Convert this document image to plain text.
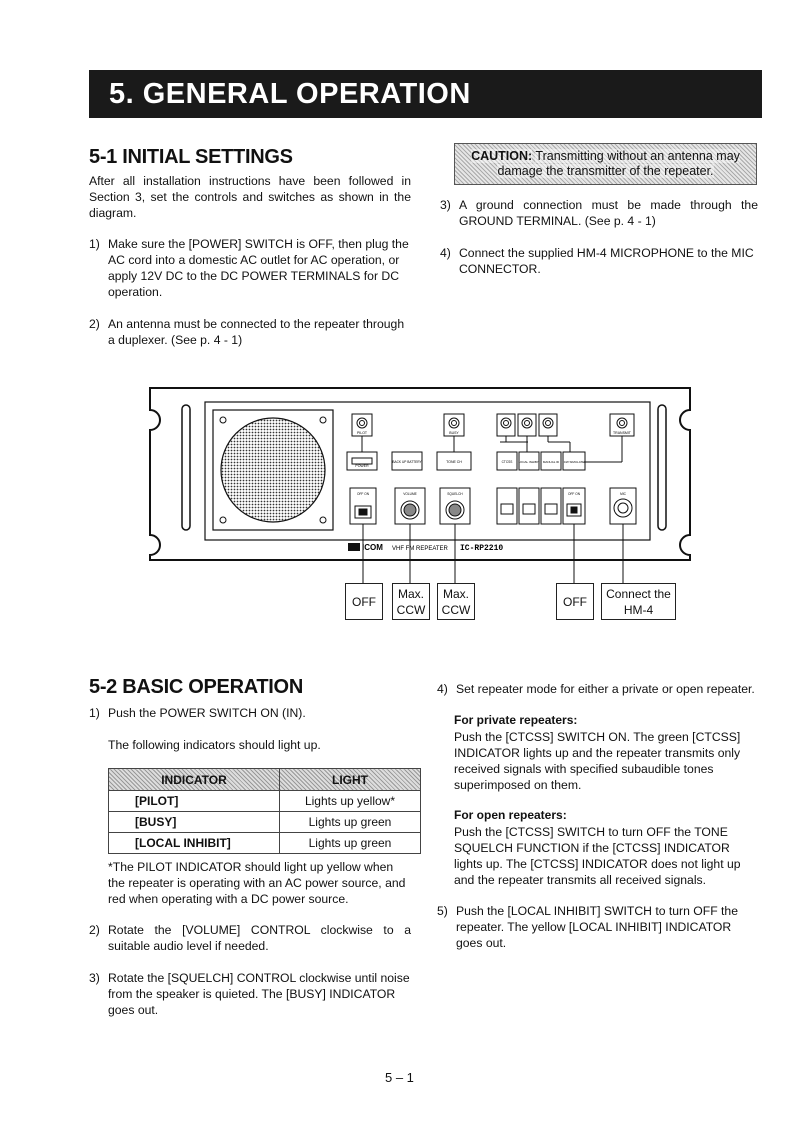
5. GENERAL OPERATION
5-1 INITIAL SETTINGS
After all installation instructions have been followed in Section 3, set the controls and switches as shown in the diagram.
1) Make sure the [POWER] SWITCH is OFF, then plug the AC cord into a domestic AC outlet for AC operation, or apply 12V DC to the DC POWER TERMINALS for DC operation.
2) An antenna must be connected to the repeater through a duplexer. (See p. 4 - 1)
CAUTION: Transmitting without an antenna may
damage the transmitter of the repeater.
3) A ground connection must be made through the GROUND TERMINAL. (See p. 4 - 1)
4) Connect the supplied HM-4 MICROPHONE to the MIC CONNECTOR.
PILOT	BUSY	TRANSMIT
POWER
BACK UP BATTERY	TONE CH	CTCSS LOCAL INHIBIT MANUAL ID CW SIMULATE
OFF ON	VOLUME	SQUELCH	OFF ON	MIC
ICOM VHF FM REPEATER IC-RP2210
OFF
Max.
CCW
Max.
CCW
OFF
Connect the
HM-4
5-2 BASIC OPERATION
1) Push the POWER SWITCH ON (IN).
The following indicators should light up.
INDICATOR	LIGHT
[PILOT]	Lights up yellow*
[BUSY]	Lights up green
[LOCAL INHIBIT]	Lights up green
*The PILOT INDICATOR should light up yellow when the repeater is operating with an AC power source, and red when operating with a DC power source.
2) Rotate the [VOLUME] CONTROL clockwise to a suitable audio level if needed.
3) Rotate the [SQUELCH] CONTROL clockwise until noise from the speaker is quieted. The [BUSY] INDICATOR goes out.
4) Set repeater mode for either a private or open repeater.
For private repeaters:
Push the [CTCSS] SWITCH ON. The green [CTCSS] INDICATOR lights up and the repeater transmits only received signals with specified subaudible tones superimposed on them.
For open repeaters:
Push the [CTCSS] SWITCH to turn OFF the TONE SQUELCH FUNCTION if the [CTCSS] INDICATOR lights up. The [CTCSS] INDICATOR does not light up and the repeater transmits all received signals.
5) Push the [LOCAL INHIBIT] SWITCH to turn OFF the repeater. The yellow [LOCAL INHIBIT] INDICATOR goes out.
5 – 1
